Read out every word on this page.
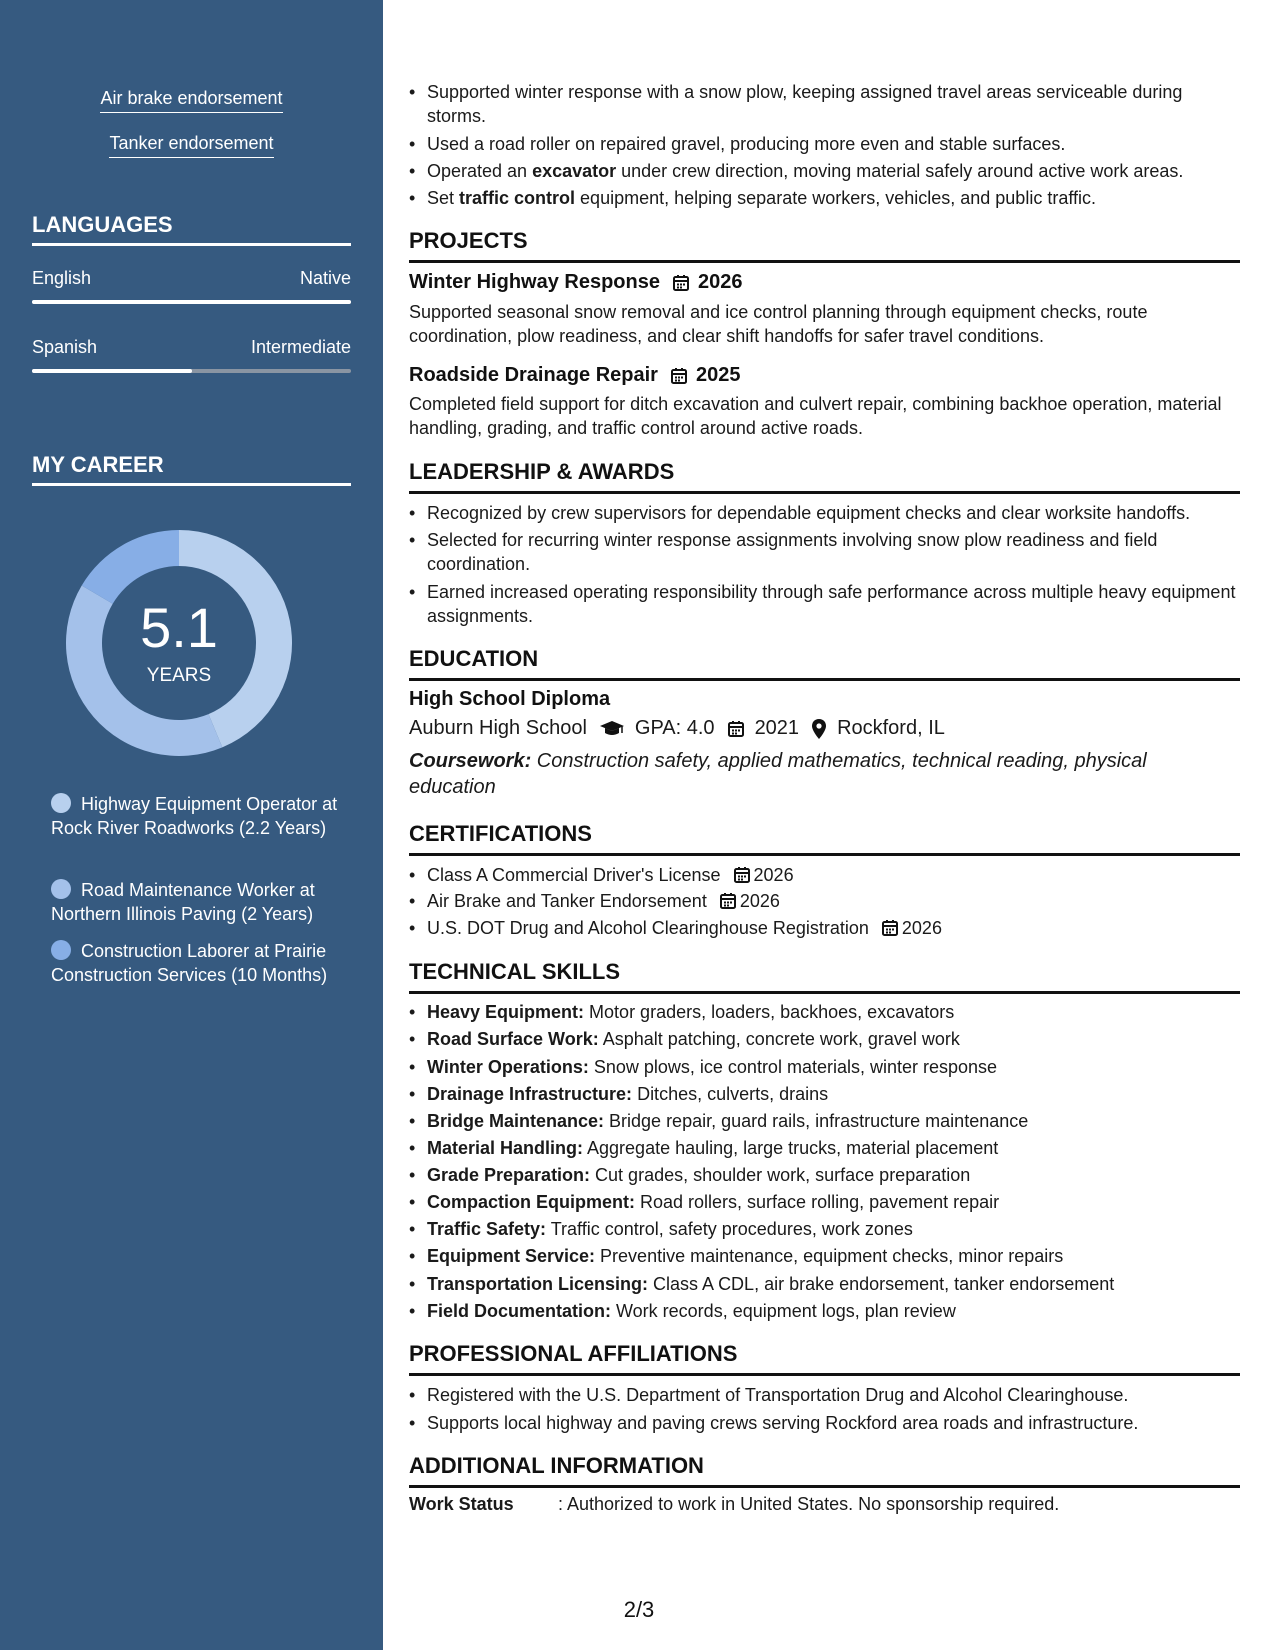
Air brake endorsement
Tanker endorsement
LANGUAGES
English	Native
Spanish	Intermediate
MY CAREER
5.1
YEARS
Highway Equipment Operator at Rock River Roadworks (2.2 Years)
Road Maintenance Worker at Northern Illinois Paving (2 Years)
Construction Laborer at Prairie Construction Services (10 Months)
• Supported winter response with a snow plow, keeping assigned travel areas serviceable during storms.
• Used a road roller on repaired gravel, producing more even and stable surfaces.
• Operated an excavator under crew direction, moving material safely around active work areas.
• Set traffic control equipment, helping separate workers, vehicles, and public traffic.
PROJECTS
Winter Highway Response 2026
Supported seasonal snow removal and ice control planning through equipment checks, route coordination, plow readiness, and clear shift handoffs for safer travel conditions.
Roadside Drainage Repair 2025
Completed field support for ditch excavation and culvert repair, combining backhoe operation, material handling, grading, and traffic control around active roads.
LEADERSHIP & AWARDS
• Recognized by crew supervisors for dependable equipment checks and clear worksite handoffs.
• Selected for recurring winter response assignments involving snow plow readiness and field coordination.
• Earned increased operating responsibility through safe performance across multiple heavy equipment assignments.
EDUCATION
High School Diploma
Auburn High School GPA: 4.0 2021 Rockford, IL
Coursework: Construction safety, applied mathematics, technical reading, physical education
CERTIFICATIONS
• Class A Commercial Driver's License 2026
• Air Brake and Tanker Endorsement 2026
• U.S. DOT Drug and Alcohol Clearinghouse Registration 2026
TECHNICAL SKILLS
• Heavy Equipment: Motor graders, loaders, backhoes, excavators
• Road Surface Work: Asphalt patching, concrete work, gravel work
• Winter Operations: Snow plows, ice control materials, winter response
• Drainage Infrastructure: Ditches, culverts, drains
• Bridge Maintenance: Bridge repair, guard rails, infrastructure maintenance
• Material Handling: Aggregate hauling, large trucks, material placement
• Grade Preparation: Cut grades, shoulder work, surface preparation
• Compaction Equipment: Road rollers, surface rolling, pavement repair
• Traffic Safety: Traffic control, safety procedures, work zones
• Equipment Service: Preventive maintenance, equipment checks, minor repairs
• Transportation Licensing: Class A CDL, air brake endorsement, tanker endorsement
• Field Documentation: Work records, equipment logs, plan review
PROFESSIONAL AFFILIATIONS
• Registered with the U.S. Department of Transportation Drug and Alcohol Clearinghouse.
• Supports local highway and paving crews serving Rockford area roads and infrastructure.
ADDITIONAL INFORMATION
Work Status	: Authorized to work in United States. No sponsorship required.
2/3
